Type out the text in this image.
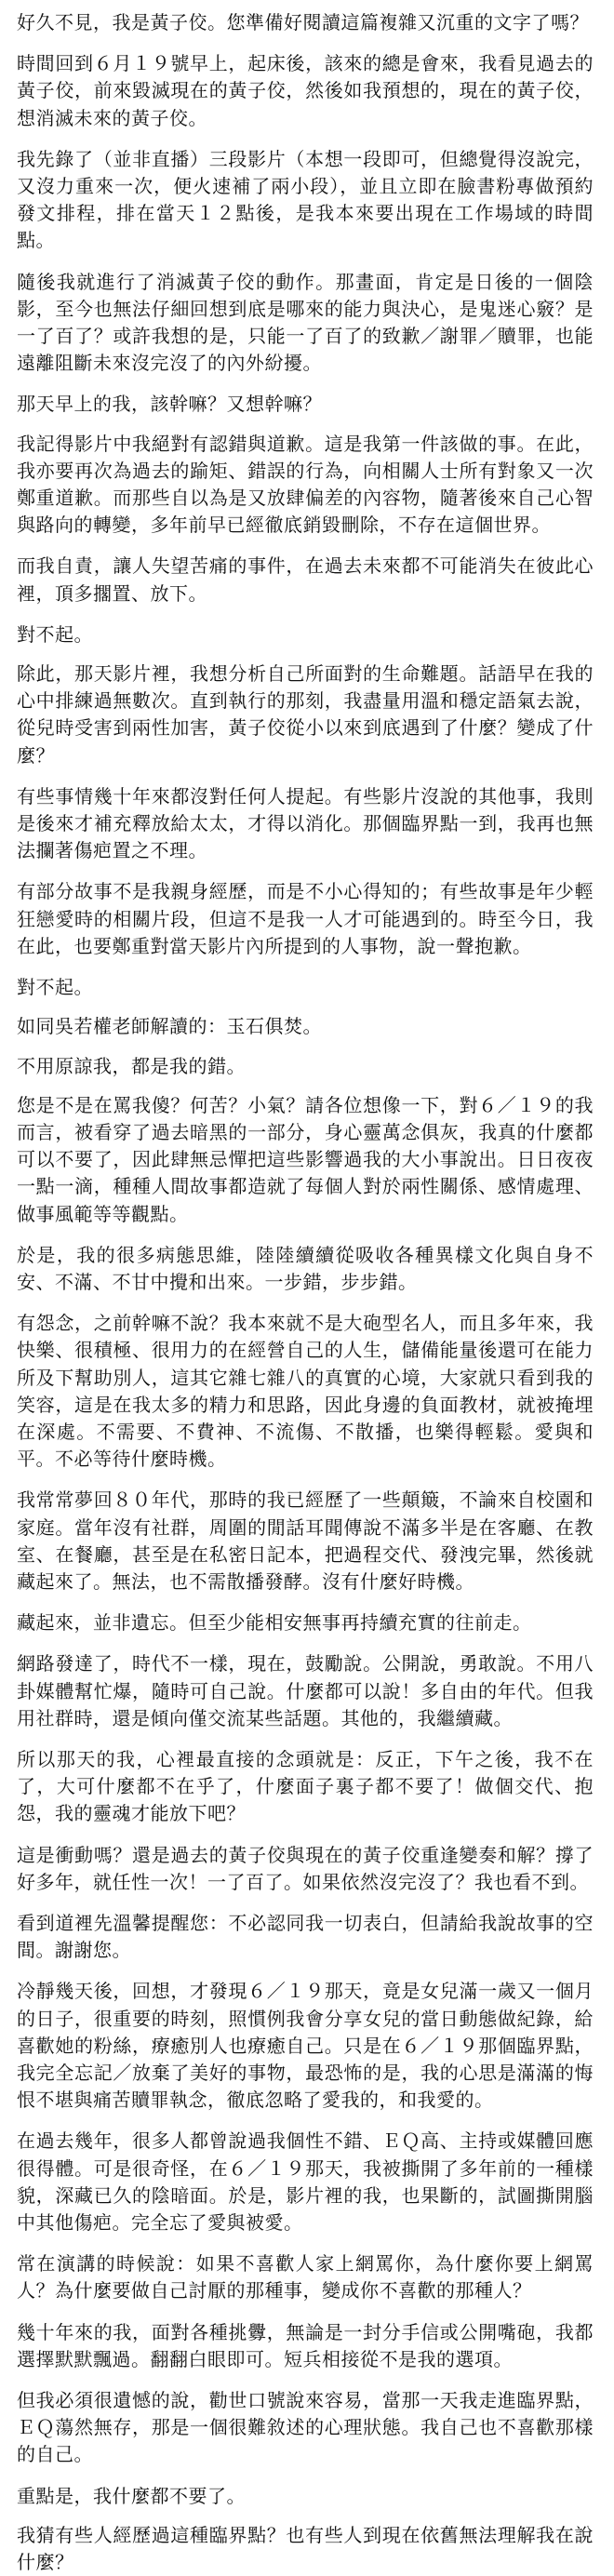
好久不見，我是黃子佼。您準備好閱讀這篇複雜又沉重的文字了嗎？

時間回到６月１９號早上，起床後，該來的總是會來，我看見過去的黃子佼，前來毀滅現在的黃子佼，然後如我預想的，現在的黃子佼，想消滅未來的黃子佼。

我先錄了（並非直播）三段影片（本想一段即可，但總覺得沒說完，又沒力重來一次，便火速補了兩小段），並且立即在臉書粉專做預約發文排程，排在當天１２點後，是我本來要出現在工作場域的時間點。

隨後我就進行了消滅黃子佼的動作。那畫面，肯定是日後的一個陰影，至今也無法仔細回想到底是哪來的能力與決心，是鬼迷心竅？是一了百了？或許我想的是，只能一了百了的致歉／謝罪／贖罪，也能遠離阻斷未來沒完沒了的內外紛擾。

那天早上的我，該幹嘛？又想幹嘛？

我記得影片中我絕對有認錯與道歉。這是我第一件該做的事。在此，我亦要再次為過去的踰矩、錯誤的行為，向相關人士所有對象又一次鄭重道歉。而那些自以為是又放肆偏差的內容物，隨著後來自己心智與路向的轉變，多年前早已經徹底銷毀刪除，不存在這個世界。

而我自責，讓人失望苦痛的事件，在過去未來都不可能消失在彼此心裡，頂多擱置、放下。

對不起。

除此，那天影片裡，我想分析自己所面對的生命難題。話語早在我的心中排練過無數次。直到執行的那刻，我盡量用溫和穩定語氣去說，從兒時受害到兩性加害，黃子佼從小以來到底遇到了什麼？變成了什麼？

有些事情幾十年來都沒對任何人提起。有些影片沒說的其他事，我則是後來才補充釋放給太太，才得以消化。那個臨界點一到，我再也無法攔著傷疤置之不理。

有部分故事不是我親身經歷，而是不小心得知的；有些故事是年少輕狂戀愛時的相關片段，但這不是我一人才可能遇到的。時至今日，我在此，也要鄭重對當天影片內所提到的人事物，說一聲抱歉。

對不起。

如同吳若權老師解讀的：玉石俱焚。

不用原諒我，都是我的錯。

您是不是在罵我傻？何苦？小氣？請各位想像一下，對６／１９的我而言，被看穿了過去暗黑的一部分，身心靈萬念俱灰，我真的什麼都可以不要了，因此肆無忌憚把這些影響過我的大小事說出。日日夜夜一點一滴，種種人間故事都造就了每個人對於兩性關係、感情處理、做事風範等等觀點。

於是，我的很多病態思維，陸陸續續從吸收各種異樣文化與自身不安、不滿、不甘中攪和出來。一步錯，步步錯。

有怨念，之前幹嘛不說？我本來就不是大砲型名人，而且多年來，我快樂、很積極、很用力的在經營自己的人生，儲備能量後還可在能力所及下幫助別人，這其它雜七雜八的真實的心境，大家就只看到我的笑容，這是在我太多的精力和思路，因此身邊的負面教材，就被掩埋在深處。不需要、不費神、不流傷、不散播，也樂得輕鬆。愛與和平。不必等待什麼時機。

我常常夢回８０年代，那時的我已經歷了一些顛簸，不論來自校園和家庭。當年沒有社群，周圍的閒話耳聞傳說不滿多半是在客廳、在教室、在餐廳，甚至是在私密日記本，把過程交代、發洩完畢，然後就藏起來了。無法，也不需散播發酵。沒有什麼好時機。

藏起來，並非遺忘。但至少能相安無事再持續充實的往前走。

網路發達了，時代不一樣，現在，鼓勵說。公開說，勇敢說。不用八卦媒體幫忙爆，隨時可自己說。什麼都可以說！多自由的年代。但我用社群時，還是傾向僅交流某些話題。其他的，我繼續藏。

所以那天的我，心裡最直接的念頭就是：反正，下午之後，我不在了，大可什麼都不在乎了，什麼面子裏子都不要了！做個交代、抱怨，我的靈魂才能放下吧？

這是衝動嗎？還是過去的黃子佼與現在的黃子佼重逢變奏和解？撐了好多年，就任性一次！一了百了。如果依然沒完沒了？我也看不到。

看到道裡先溫馨提醒您：不必認同我一切表白，但請給我說故事的空間。謝謝您。

冷靜幾天後，回想，才發現６／１９那天，竟是女兒滿一歲又一個月的日子，很重要的時刻，照慣例我會分享女兒的當日動態做紀錄，給喜歡她的粉絲，療癒別人也療癒自己。只是在６／１９那個臨界點，我完全忘記／放棄了美好的事物，最恐怖的是，我的心思是滿滿的悔恨不堪與痛苦贖罪執念，徹底忽略了愛我的，和我愛的。

在過去幾年，很多人都曾說過我個性不錯、ＥＱ高、主持或媒體回應很得體。可是很奇怪，在６／１９那天，我被撕開了多年前的一種樣貌，深藏已久的陰暗面。於是，影片裡的我，也果斷的，試圖撕開腦中其他傷疤。完全忘了愛與被愛。

常在演講的時候說：如果不喜歡人家上網罵你，為什麼你要上網罵人？為什麼要做自己討厭的那種事，變成你不喜歡的那種人？

幾十年來的我，面對各種挑釁，無論是一封分手信或公開嘴砲，我都選擇默默飄過。翻翻白眼即可。短兵相接從不是我的選項。

但我必須很遺憾的說，勸世口號說來容易，當那一天我走進臨界點，ＥＱ蕩然無存，那是一個很難敘述的心理狀態。我自己也不喜歡那樣的自己。

重點是，我什麼都不要了。

我猜有些人經歷過這種臨界點？也有些人到現在依舊無法理解我在說什麼？
